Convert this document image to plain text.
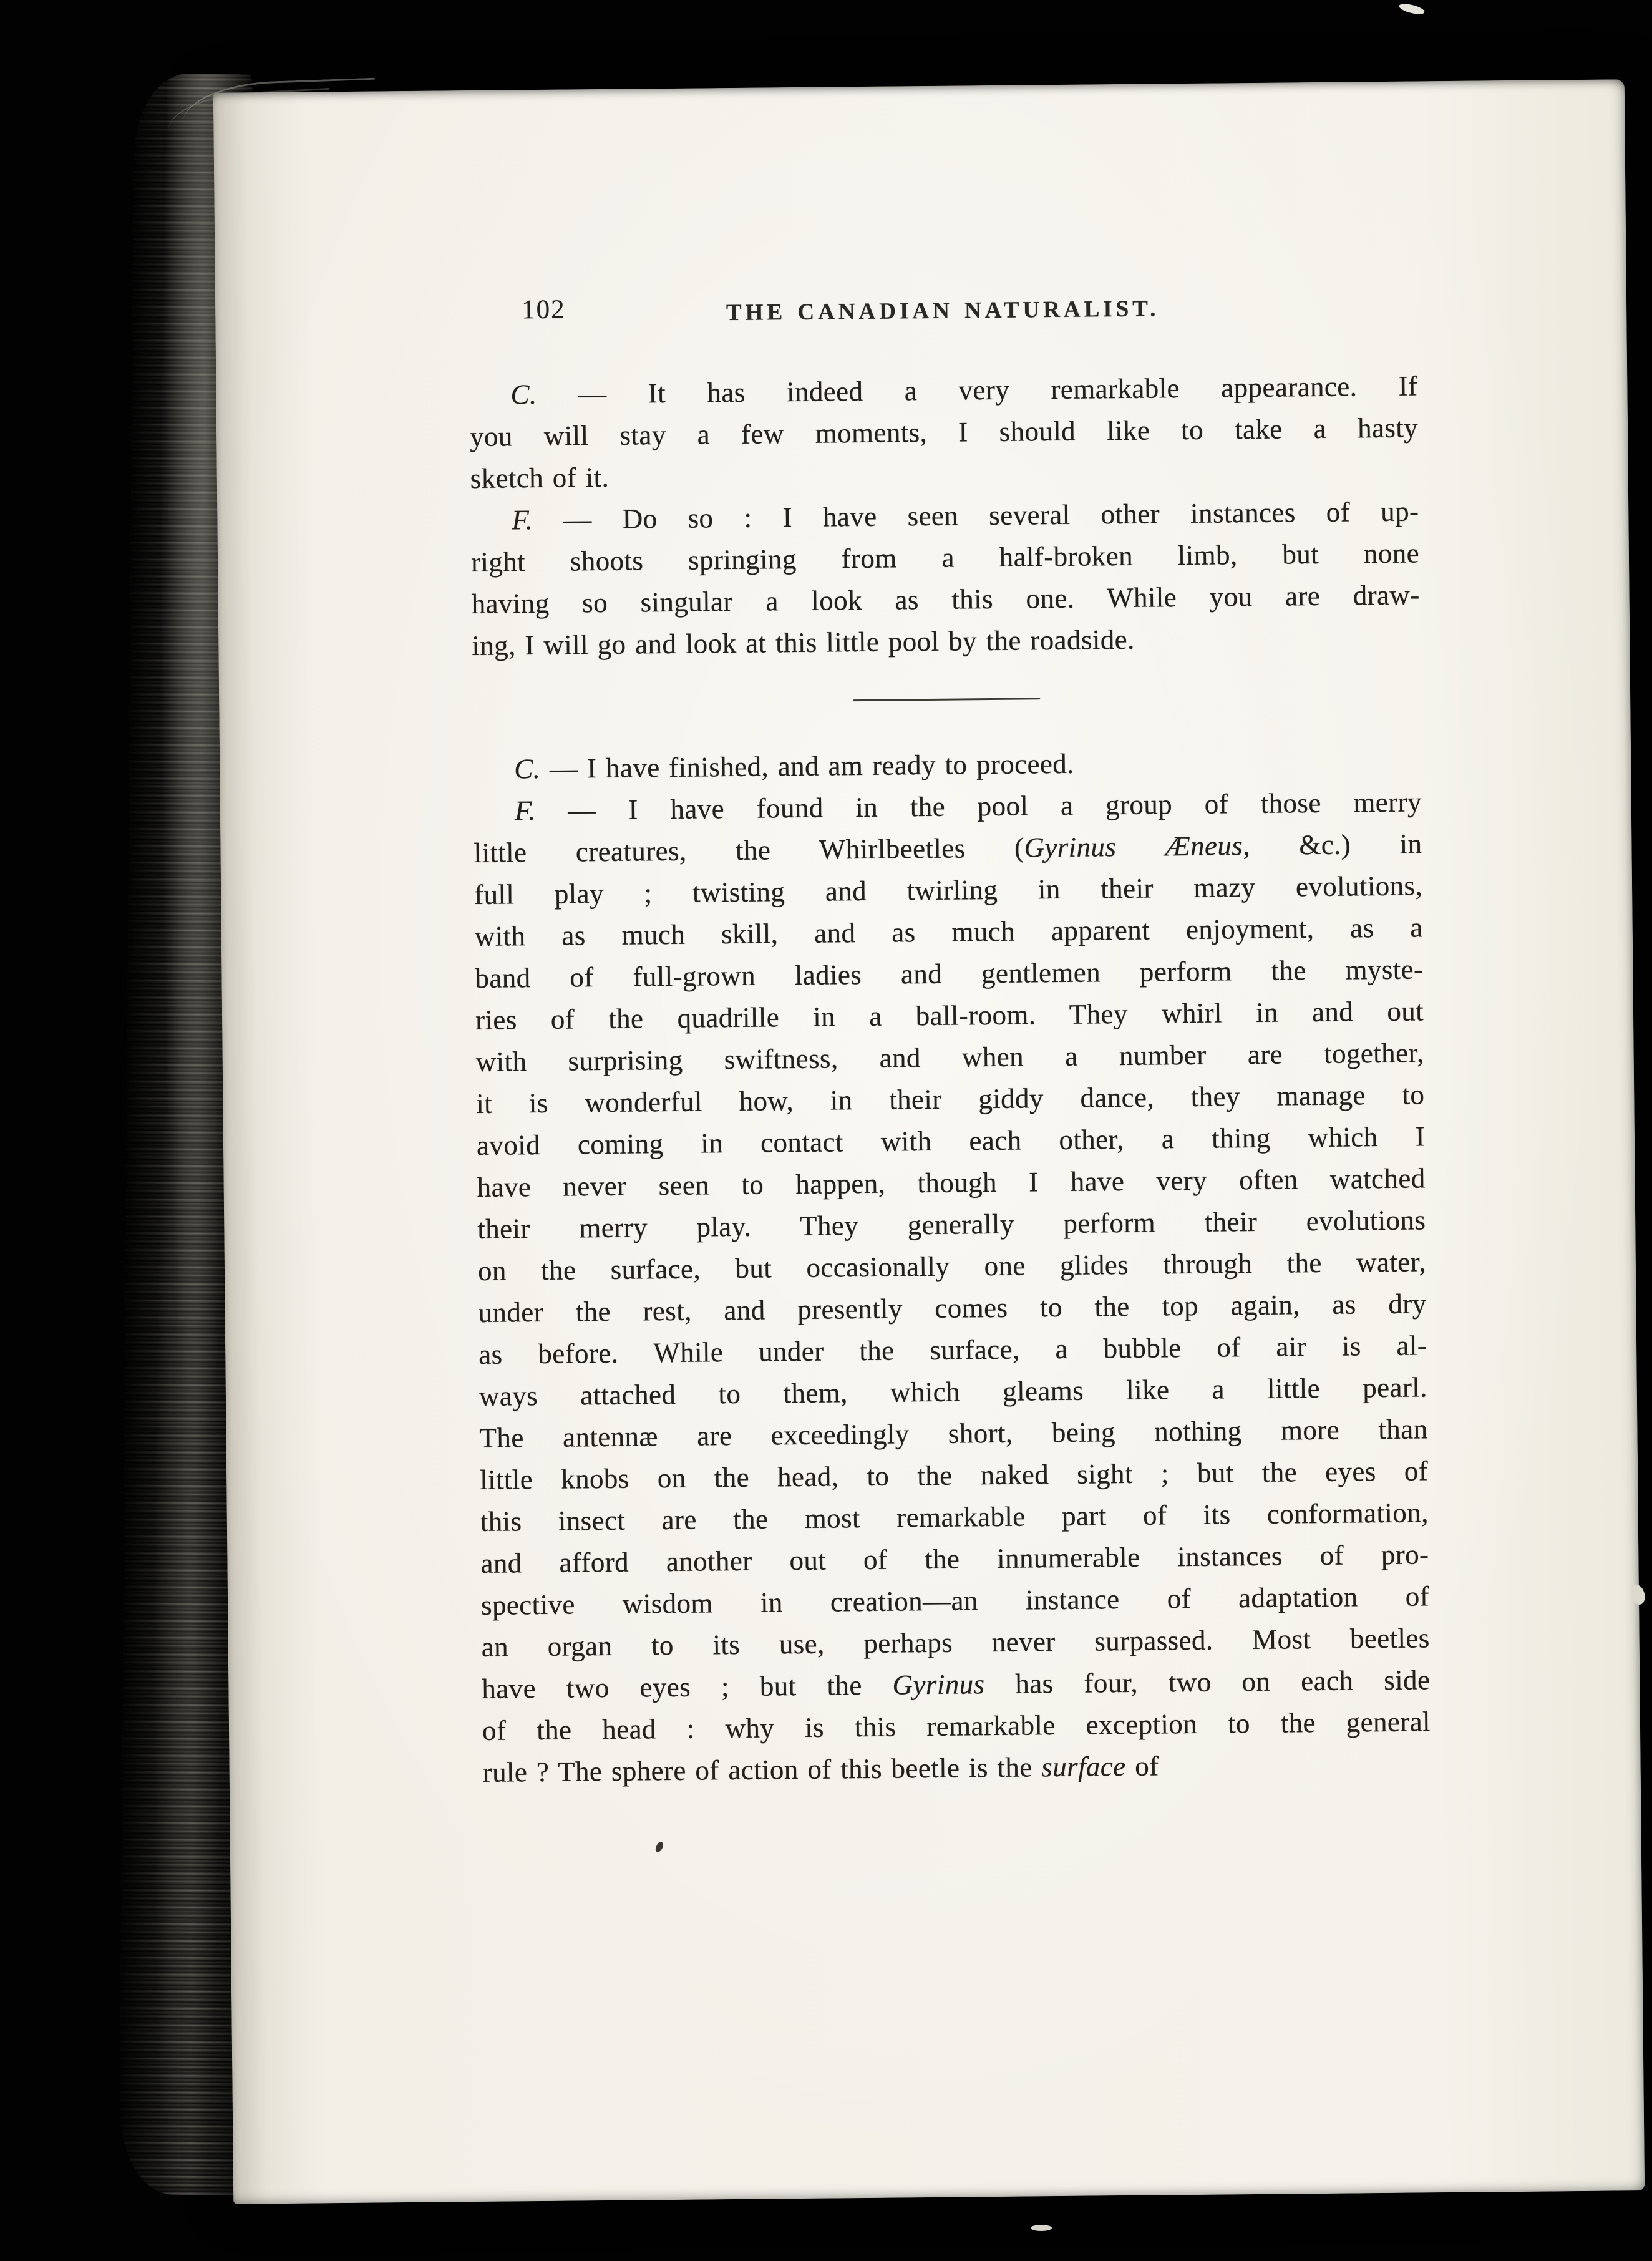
102	THE CANADIAN NATURALIST.
C. — It has indeed a very remarkable appearance. If
you will stay a few moments, I should like to take a hasty
sketch of it.
F. — Do so : I have seen several other instances of up-
right shoots springing from a half-broken limb, but none
having so singular a look as this one. While you are draw-
ing, I will go and look at this little pool by the roadside.
C. — I have finished, and am ready to proceed.
F. — I have found in the pool a group of those merry
little creatures, the Whirlbeetles (Gyrinus Æneus, &c.) in
full play ; twisting and twirling in their mazy evolutions,
with as much skill, and as much apparent enjoyment, as a
band of full-grown ladies and gentlemen perform the myste-
ries of the quadrille in a ball-room. They whirl in and out
with surprising swiftness, and when a number are together,
it is wonderful how, in their giddy dance, they manage to
avoid coming in contact with each other, a thing which I
have never seen to happen, though I have very often watched
their merry play. They generally perform their evolutions
on the surface, but occasionally one glides through the water,
under the rest, and presently comes to the top again, as dry
as before. While under the surface, a bubble of air is al-
ways attached to them, which gleams like a little pearl.
The antennæ are exceedingly short, being nothing more than
little knobs on the head, to the naked sight ; but the eyes of
this insect are the most remarkable part of its conformation,
and afford another out of the innumerable instances of pro-
spective wisdom in creation—an instance of adaptation of
an organ to its use, perhaps never surpassed. Most beetles
have two eyes ; but the Gyrinus has four, two on each side
of the head : why is this remarkable exception to the general
rule ? The sphere of action of this beetle is the surface of
